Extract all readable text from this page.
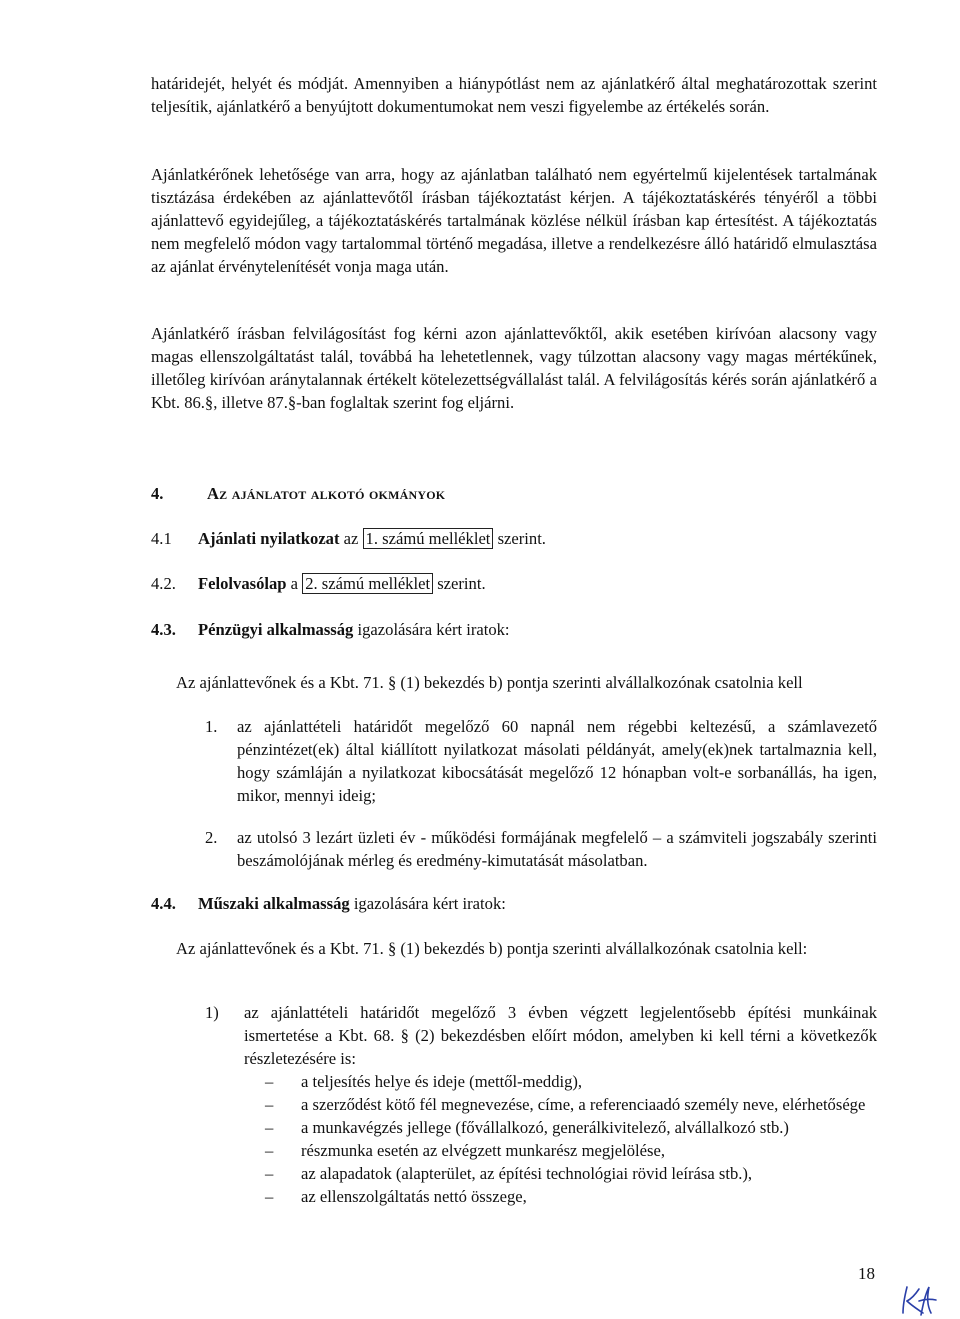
határidejét, helyét és módját. Amennyiben a hiánypótlást nem az ajánlatkérő által meghatározottak szerint teljesítik, ajánlatkérő a benyújtott dokumentumokat nem veszi figyelembe az értékelés során.

Ajánlatkérőnek lehetősége van arra, hogy az ajánlatban található nem egyértelmű kijelentések tartalmának tisztázása érdekében az ajánlattevőtől írásban tájékoztatást kérjen. A tájékoztatáskérés tényéről a többi ajánlattevő egyidejűleg, a tájékoztatáskérés tartalmának közlése nélkül írásban kap értesítést. A tájékoztatás nem megfelelő módon vagy tartalommal történő megadása, illetve a rendelkezésre álló határidő elmulasztása az ajánlat érvénytelenítését vonja maga után.

Ajánlatkérő írásban felvilágosítást fog kérni azon ajánlattevőktől, akik esetében kirívóan alacsony vagy magas ellenszolgáltatást talál, továbbá ha lehetetlennek, vagy túlzottan alacsony vagy magas mértékűnek, illetőleg kirívóan aránytalannak értékelt kötelezettségvállalást talál. A felvilágosítás kérés során ajánlatkérő a Kbt. 86.§, illetve 87.§-ban foglaltak szerint fog eljárni.

4.	Az ajánlatot alkotó okmányok
4.1 Ajánlati nyilatkozat az 1. számú melléklet szerint.
4.2. Felolvasólap a 2. számú melléklet szerint.
4.3. Pénzügyi alkalmasság igazolására kért iratok:

Az ajánlattevőnek és a Kbt. 71. § (1) bekezdés b) pontja szerinti alvállalkozónak csatolnia kell

1.	az ajánlattételi határidőt megelőző 60 napnál nem régebbi keltezésű, a számlavezető pénzintézet(ek) által kiállított nyilatkozat másolati példányát, amely(ek)nek tartalmaznia kell, hogy számláján a nyilatkozat kibocsátását megelőző 12 hónapban volt-e sorbanállás, ha igen, mikor, mennyi ideig;
2.	az utolsó 3 lezárt üzleti év - működési formájának megfelelő – a számviteli jogszabály szerinti beszámolójának mérleg és eredmény-kimutatását másolatban.
4.4. Műszaki alkalmasság igazolására kért iratok:

Az ajánlattevőnek és a Kbt. 71. § (1) bekezdés b) pontja szerinti alvállalkozónak csatolnia kell:

1) az ajánlattételi határidőt megelőző 3 évben végzett legjelentősebb építési munkáinak ismertetése a Kbt. 68. § (2) bekezdésben előírt módon, amelyben ki kell térni a következők részletezésére is:
– a teljesítés helye és ideje (mettől-meddig),
– a szerződést kötő fél megnevezése, címe, a referenciaadó személy neve, elérhetősége
– a munkavégzés jellege (fővállalkozó, generálkivitelező, alvállalkozó stb.)
– részmunka esetén az elvégzett munkarész megjelölése,
– az alapadatok (alapterület, az építési technológiai rövid leírása stb.),
– az ellenszolgáltatás nettó összege,
18
